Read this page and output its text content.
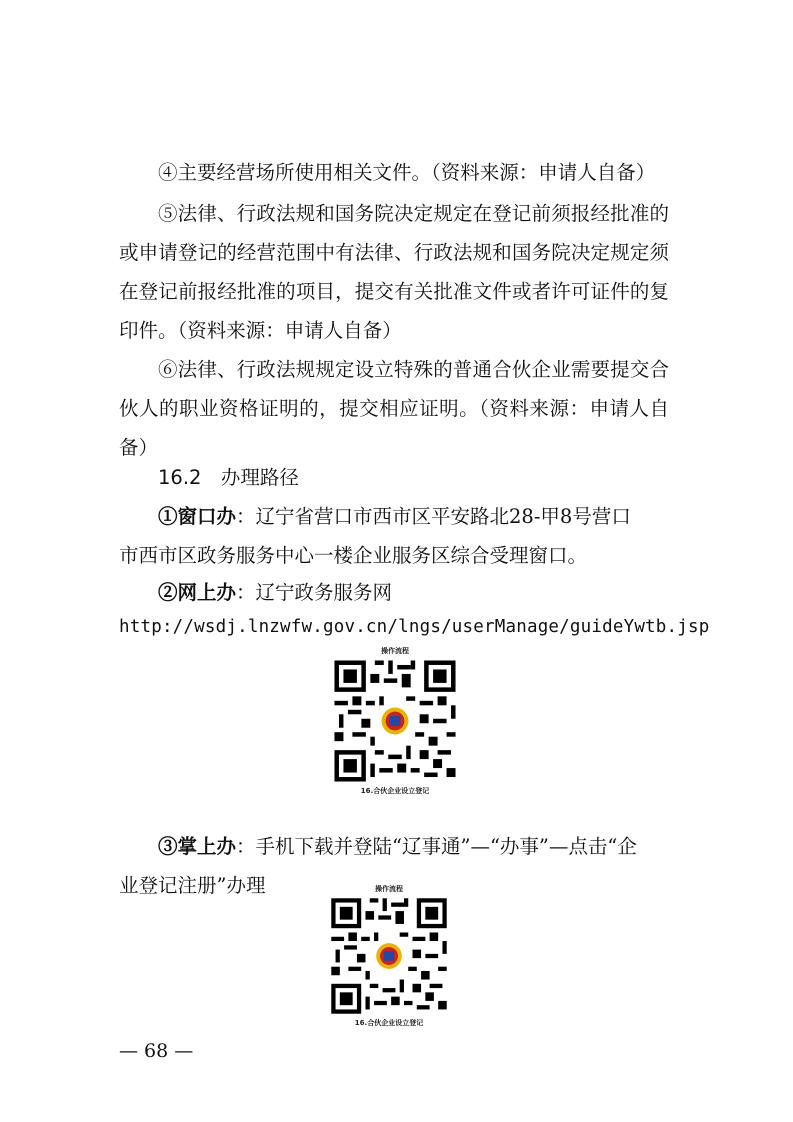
④主要经营场所使用相关文件。（资料来源：申请人自备）
⑤法律、行政法规和国务院决定规定在登记前须报经批准的
或申请登记的经营范围中有法律、行政法规和国务院决定规定须
在登记前报经批准的项目，提交有关批准文件或者许可证件的复
印件。（资料来源：申请人自备）
⑥法律、行政法规规定设立特殊的普通合伙企业需要提交合
伙人的职业资格证明的，提交相应证明。（资料来源：申请人自
备）
16.2　办理路径
①窗口办：辽宁省营口市西市区平安路北28-甲8号营口
市西市区政务服务中心一楼企业服务区综合受理窗口。
②网上办：辽宁政务服务网
http://wsdj.lnzwfw.gov.cn/lngs/userManage/guideYwtb.jsp
操作流程
16.合伙企业设立登记
③掌上办：手机下载并登陆“辽事通”—“办事”—点击“企
业登记注册”办理	操作流程
16.合伙企业设立登记
— 68 —
